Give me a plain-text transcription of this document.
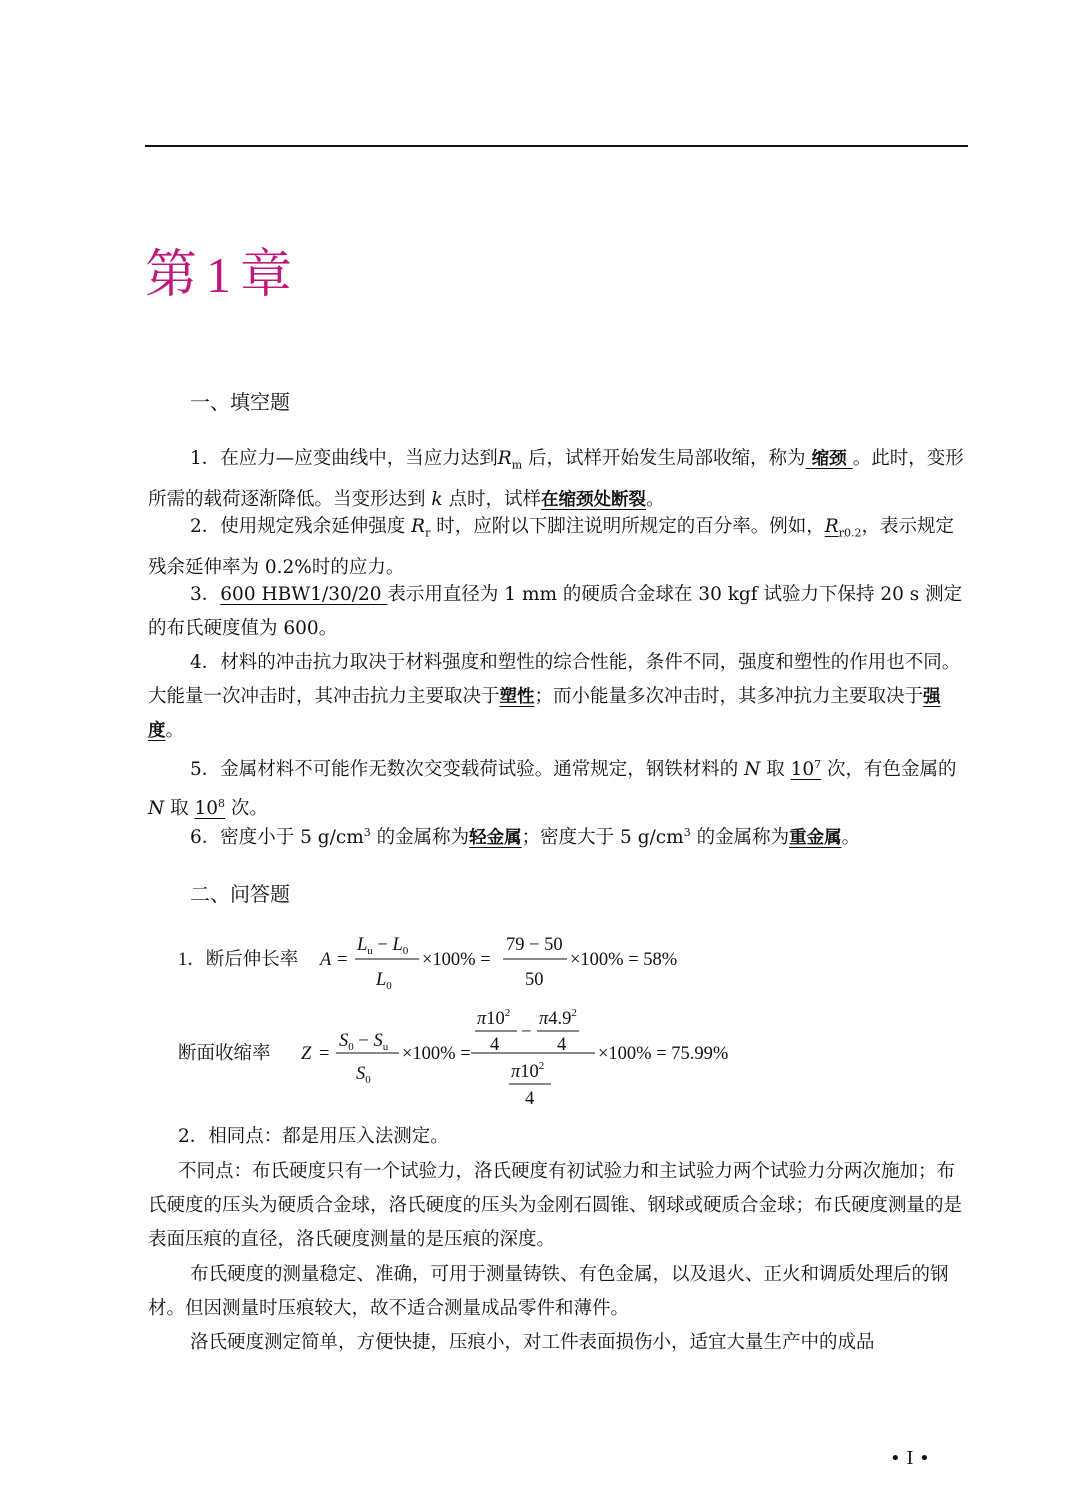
第 1 章
一、填空题

1．在应力—应变曲线中，当应力达到$R_m$ 后，试样开始发生局部收缩，称为 缩颈 。此时，变形所需的载荷逐渐降低。当变形达到 k 点时，试样在缩颈处断裂。

2．使用规定残余延伸强度 $R_r$ 时，应附以下脚注说明所规定的百分率。例如，$R_{r0.2}$，表示规定残余延伸率为 0.2%时的应力。

3．600 HBW1/30/20 表示用直径为 1 mm 的硬质合金球在 30 kgf 试验力下保持 20 s 测定的布氏硬度值为 600。

4．材料的冲击抗力取决于材料强度和塑性的综合性能，条件不同，强度和塑性的作用也不同。大能量一次冲击时，其冲击抗力主要取决于塑性；而小能量多次冲击时，其多冲抗力主要取决于强度。

5．金属材料不可能作无数次交变载荷试验。通常规定，钢铁材料的 N 取 $10^7$ 次，有色金属的 N 取 $10^8$ 次。

6．密度小于 5 $g/cm^3$ 的金属称为轻金属；密度大于 5 $g/cm^3$ 的金属称为重金属。

二、问答题
1．断后伸长率 A =
$L_u - L_0$
$L_0$
×100% =
79 − 50
50
×100% = 58%
断面收缩率 Z =
$S_0 - S_u$
$S_0$
×100% =
$\pi 10^2$
4
−
$\pi 4.9^2$
4
$\pi 10^2$
4
×100% = 75.99%

2．相同点：都是用压入法测定。

不同点：布氏硬度只有一个试验力，洛氏硬度有初试验力和主试验力两个试验力分两次施加；布氏硬度的压头为硬质合金球，洛氏硬度的压头为金刚石圆锥、钢球或硬质合金球；布氏硬度测量的是表面压痕的直径，洛氏硬度测量的是压痕的深度。

布氏硬度的测量稳定、准确，可用于测量铸铁、有色金属，以及退火、正火和调质处理后的钢材。但因测量时压痕较大，故不适合测量成品零件和薄件。

洛氏硬度测定简单，方便快捷，压痕小，对工件表面损伤小，适宜大量生产中的成品

• I •
